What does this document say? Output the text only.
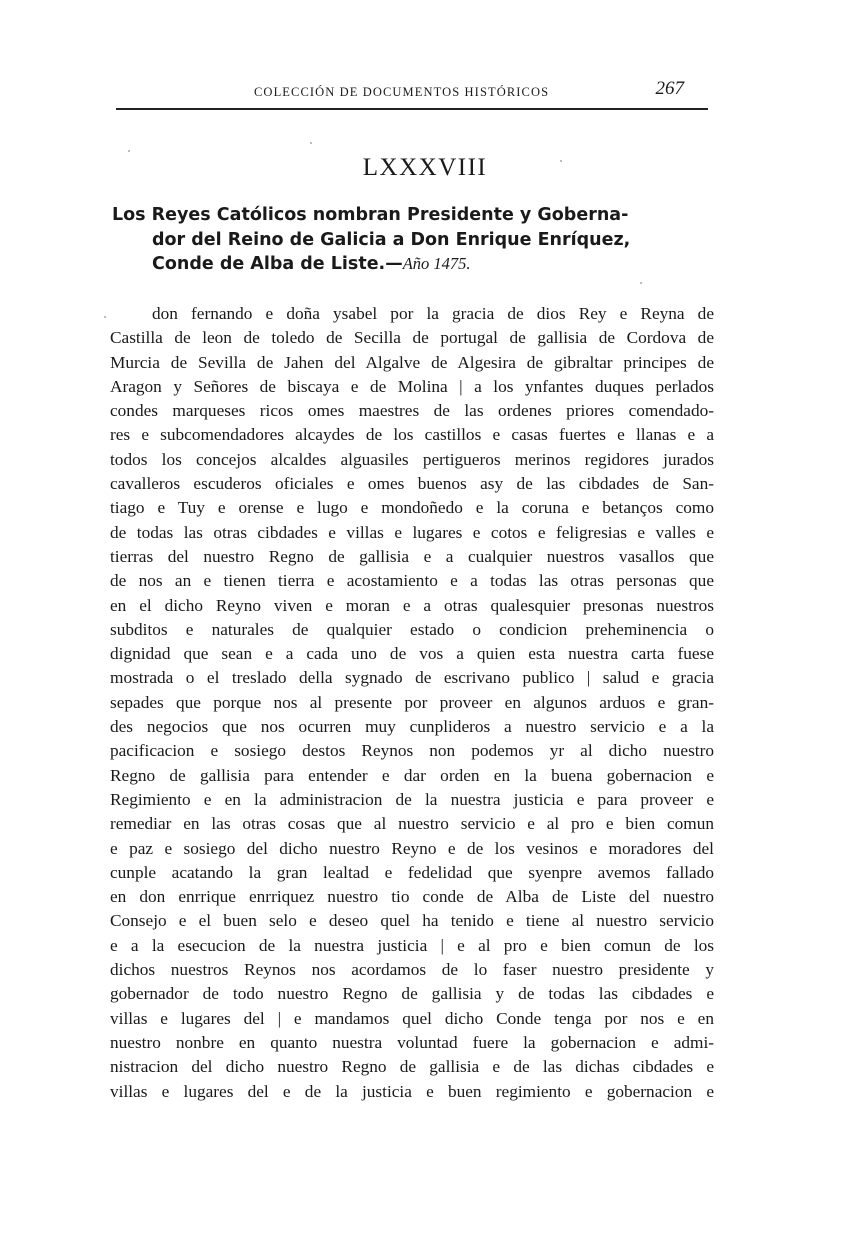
COLECCIÓN DE DOCUMENTOS HISTÓRICOS	267
LXXXVIII
Los Reyes Católicos nombran Presidente y Goberna-
dor del Reino de Galicia a Don Enrique Enríquez,
Conde de Alba de Liste.—Año 1475.
don fernando e doña ysabel por la gracia de dios Rey e Reyna de
Castilla de leon de toledo de Secilla de portugal de gallisia de Cordova de
Murcia de Sevilla de Jahen del Algalve de Algesira de gibraltar principes de
Aragon y Señores de biscaya e de Molina | a los ynfantes duques perlados
condes marqueses ricos omes maestres de las ordenes priores comendado-
res e subcomendadores alcaydes de los castillos e casas fuertes e llanas e a
todos los concejos alcaldes alguasiles pertigueros merinos regidores jurados
cavalleros escuderos oficiales e omes buenos asy de las cibdades de San-
tiago e Tuy e orense e lugo e mondoñedo e la coruna e betanços como
de todas las otras cibdades e villas e lugares e cotos e feligresias e valles e
tierras del nuestro Regno de gallisia e a cualquier nuestros vasallos que
de nos an e tienen tierra e acostamiento e a todas las otras personas que
en el dicho Reyno viven e moran e a otras qualesquier presonas nuestros
subditos e naturales de qualquier estado o condicion preheminencia o
dignidad que sean e a cada uno de vos a quien esta nuestra carta fuese
mostrada o el treslado della sygnado de escrivano publico | salud e gracia
sepades que porque nos al presente por proveer en algunos arduos e gran-
des negocios que nos ocurren muy cunplideros a nuestro servicio e a la
pacificacion e sosiego destos Reynos non podemos yr al dicho nuestro
Regno de gallisia para entender e dar orden en la buena gobernacion e
Regimiento e en la administracion de la nuestra justicia e para proveer e
remediar en las otras cosas que al nuestro servicio e al pro e bien comun
e paz e sosiego del dicho nuestro Reyno e de los vesinos e moradores del
cunple acatando la gran lealtad e fedelidad que syenpre avemos fallado
en don enrrique enrriquez nuestro tio conde de Alba de Liste del nuestro
Consejo e el buen selo e deseo quel ha tenido e tiene al nuestro servicio
e a la esecucion de la nuestra justicia | e al pro e bien comun de los
dichos nuestros Reynos nos acordamos de lo faser nuestro presidente y
gobernador de todo nuestro Regno de gallisia y de todas las cibdades e
villas e lugares del | e mandamos quel dicho Conde tenga por nos e en
nuestro nonbre en quanto nuestra voluntad fuere la gobernacion e admi-
nistracion del dicho nuestro Regno de gallisia e de las dichas cibdades e
villas e lugares del e de la justicia e buen regimiento e gobernacion e
